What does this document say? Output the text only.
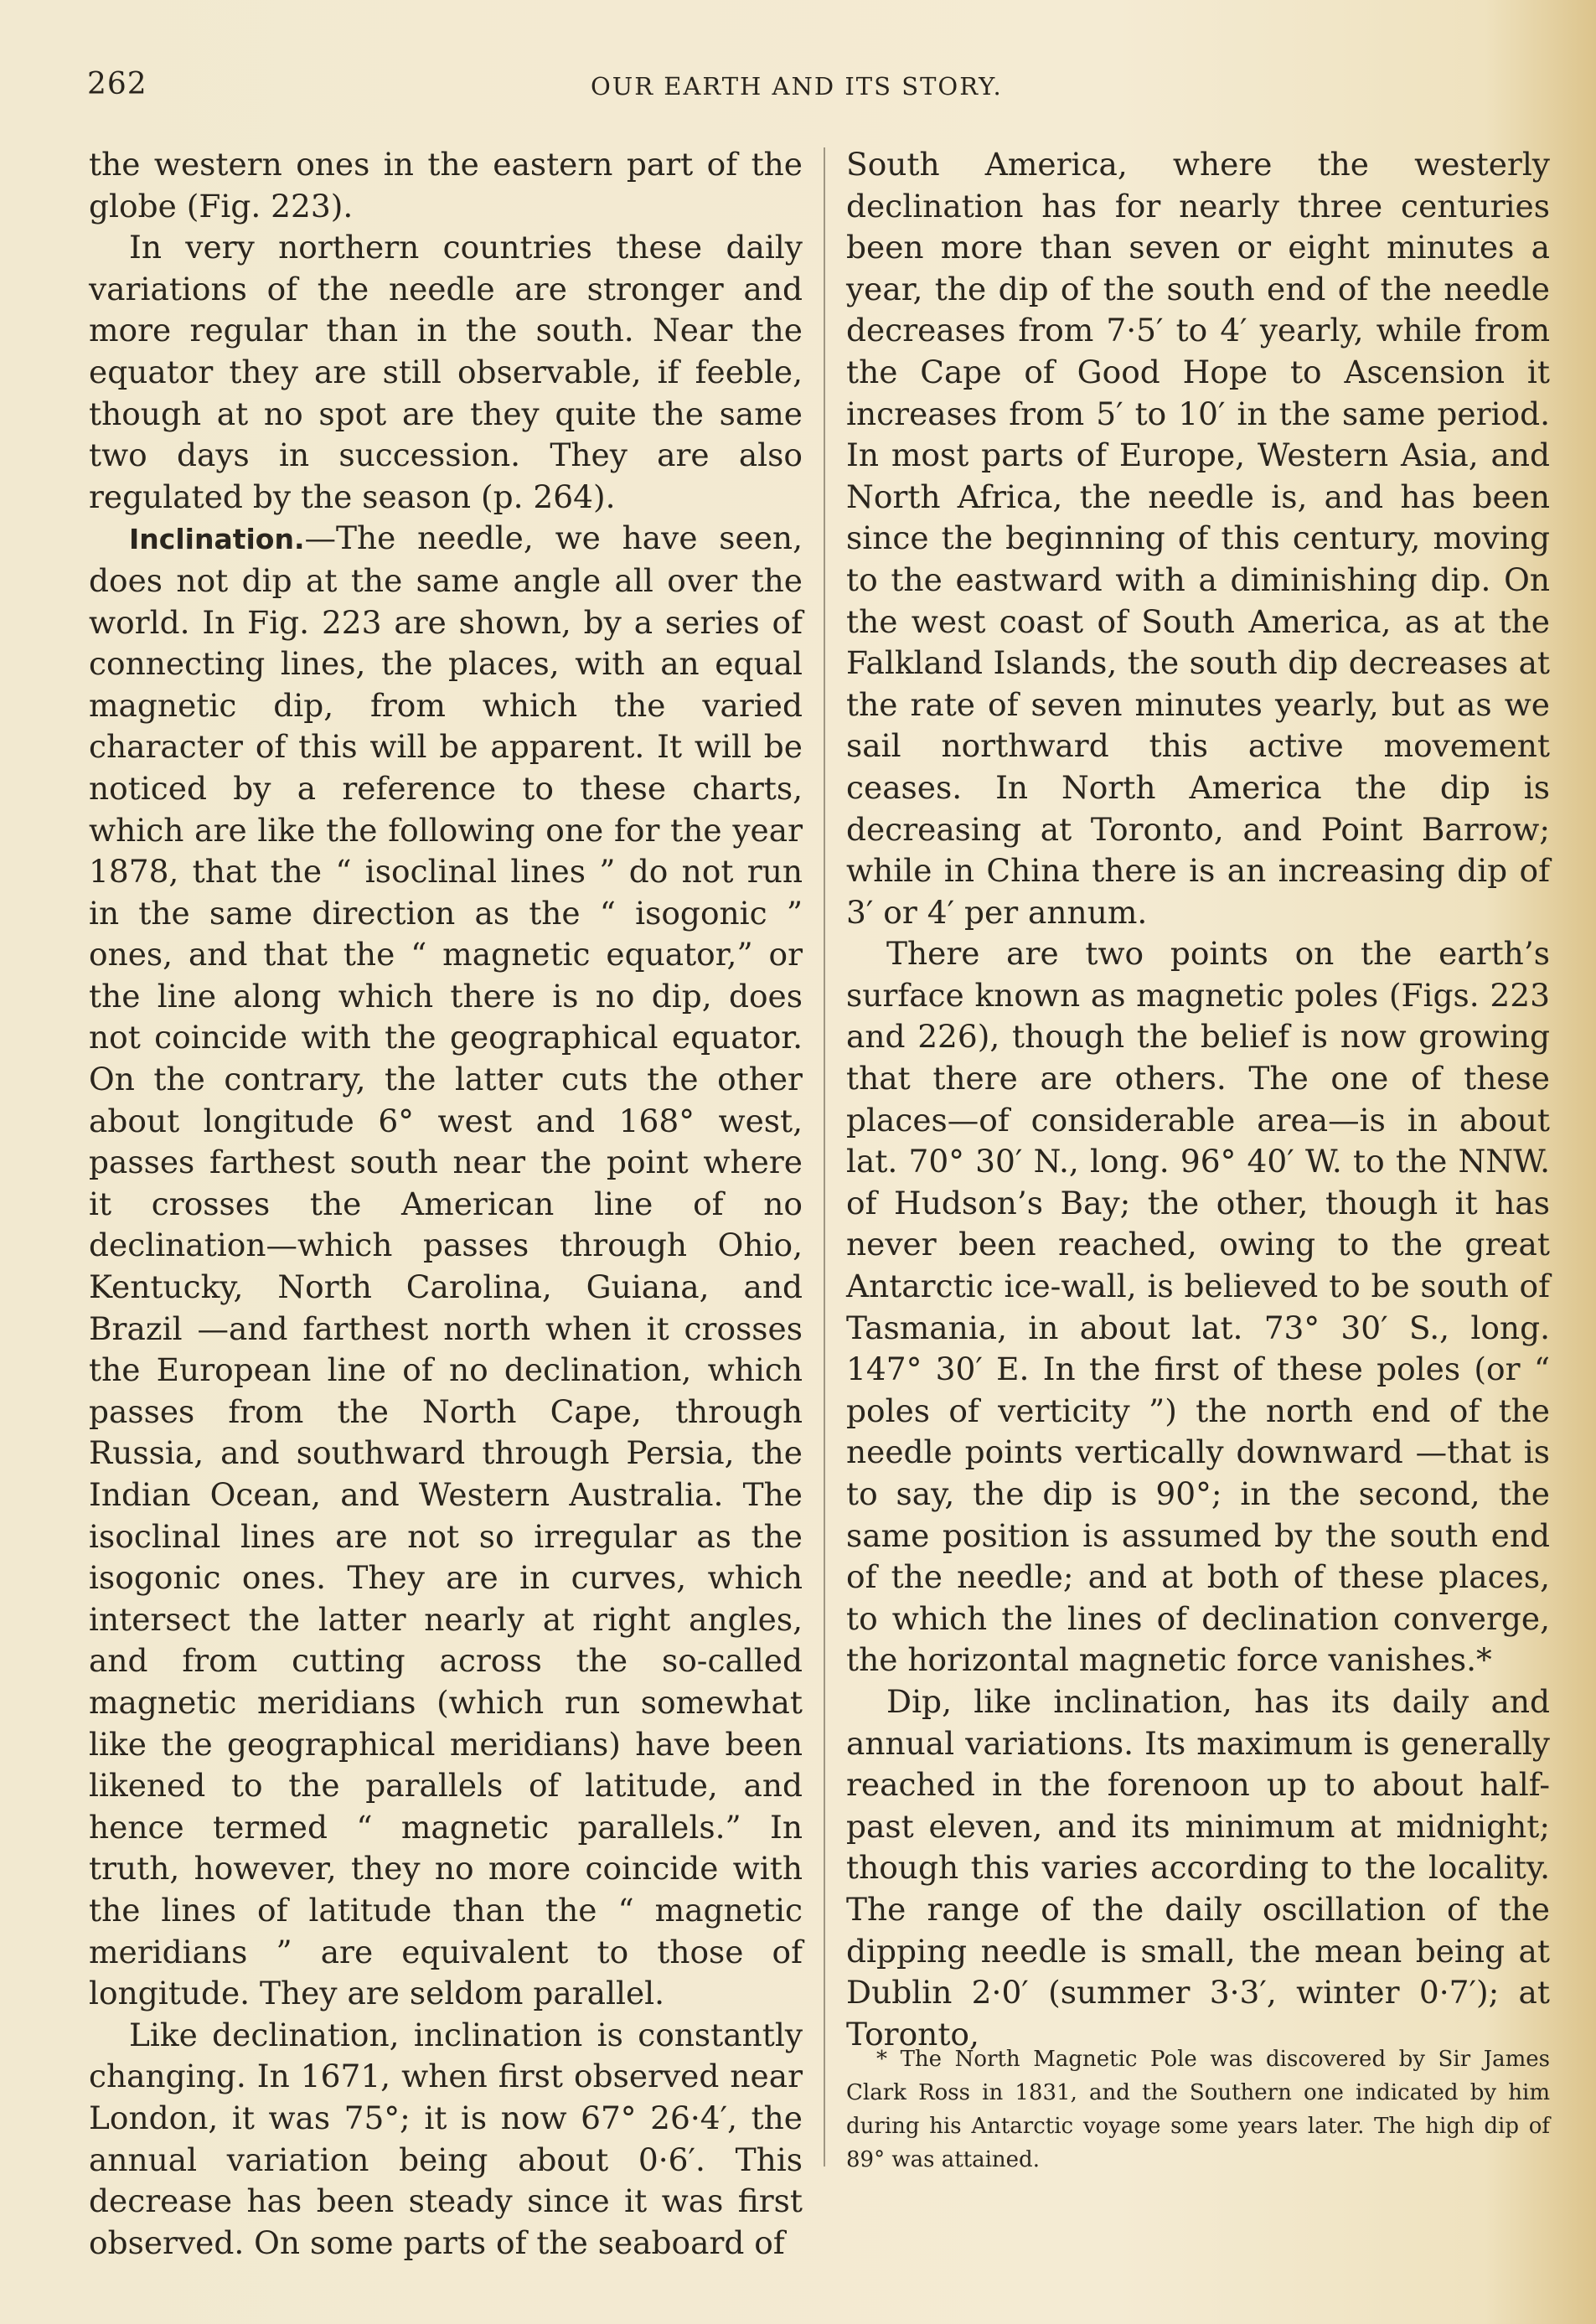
262	OUR EARTH AND ITS STORY.

the western ones in the eastern part of the globe (Fig. 223).

In very northern countries these daily variations of the needle are stronger and more regular than in the south. Near the equator they are still observable, if feeble, though at no spot are they quite the same two days in succession. They are also regulated by the season (p. 264).

Inclination.—The needle, we have seen, does not dip at the same angle all over the world. In Fig. 223 are shown, by a series of connecting lines, the places, with an equal magnetic dip, from which the varied character of this will be apparent. It will be noticed by a reference to these charts, which are like the following one for the year 1878, that the “ isoclinal lines ” do not run in the same direction as the “ isogonic ” ones, and that the “ magnetic equator,” or the line along which there is no dip, does not coincide with the geographical equator. On the contrary, the latter cuts the other about longitude 6° west and 168° west, passes farthest south near the point where it crosses the American line of no declination—which passes through Ohio, Kentucky, North Carolina, Guiana, and Brazil —and farthest north when it crosses the European line of no declination, which passes from the North Cape, through Russia, and southward through Persia, the Indian Ocean, and Western Australia. The isoclinal lines are not so irregular as the isogonic ones. They are in curves, which intersect the latter nearly at right angles, and from cutting across the so-called magnetic meridians (which run somewhat like the geographical meridians) have been likened to the parallels of latitude, and hence termed “ magnetic parallels.” In truth, however, they no more coincide with the lines of latitude than the “ magnetic meridians ” are equivalent to those of longitude. They are seldom parallel.

Like declination, inclination is constantly changing. In 1671, when first observed near London, it was 75°; it is now 67° 26·4′, the annual variation being about 0·6′. This decrease has been steady since it was first observed. On some parts of the seaboard of

South America, where the westerly declination has for nearly three centuries been more than seven or eight minutes a year, the dip of the south end of the needle decreases from 7·5′ to 4′ yearly, while from the Cape of Good Hope to Ascension it increases from 5′ to 10′ in the same period. In most parts of Europe, Western Asia, and North Africa, the needle is, and has been since the beginning of this century, moving to the eastward with a diminishing dip. On the west coast of South America, as at the Falkland Islands, the south dip decreases at the rate of seven minutes yearly, but as we sail northward this active movement ceases. In North America the dip is decreasing at Toronto, and Point Barrow; while in China there is an increasing dip of 3′ or 4′ per annum.

There are two points on the earth’s surface known as magnetic poles (Figs. 223 and 226), though the belief is now growing that there are others. The one of these places—of considerable area—is in about lat. 70° 30′ N., long. 96° 40′ W. to the NNW. of Hudson’s Bay; the other, though it has never been reached, owing to the great Antarctic ice-wall, is believed to be south of Tasmania, in about lat. 73° 30′ S., long. 147° 30′ E. In the first of these poles (or “ poles of verticity ”) the north end of the needle points vertically downward —that is to say, the dip is 90°; in the second, the same position is assumed by the south end of the needle; and at both of these places, to which the lines of declination converge, the horizontal magnetic force vanishes.*

Dip, like inclination, has its daily and annual variations. Its maximum is generally reached in the forenoon up to about half-past eleven, and its minimum at midnight; though this varies according to the locality. The range of the daily oscillation of the dipping needle is small, the mean being at Dublin 2·0′ (summer 3·3′, winter 0·7′); at Toronto,

* The North Magnetic Pole was discovered by Sir James Clark Ross in 1831, and the Southern one indicated by him during his Antarctic voyage some years later. The high dip of 89° was attained.
